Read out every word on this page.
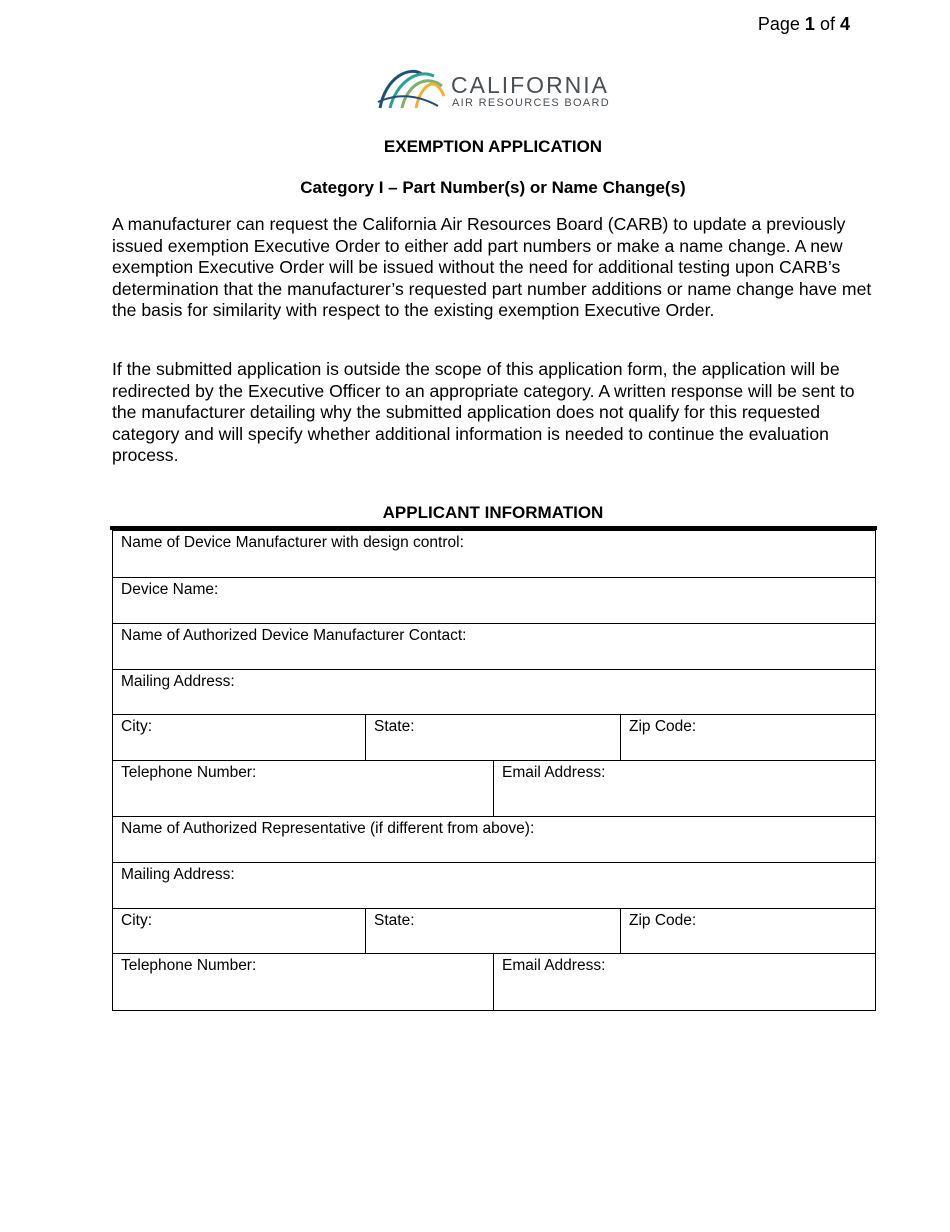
Page 1 of 4
CALIFORNIA
AIR RESOURCES BOARD
EXEMPTION APPLICATION
Category I – Part Number(s) or Name Change(s)

A manufacturer can request the California Air Resources Board (CARB) to update a previously issued exemption Executive Order to either add part numbers or make a name change. A new exemption Executive Order will be issued without the need for additional testing upon CARB’s determination that the manufacturer’s requested part number additions or name change have met the basis for similarity with respect to the existing exemption Executive Order.

If the submitted application is outside the scope of this application form, the application will be redirected by the Executive Officer to an appropriate category. A written response will be sent to the manufacturer detailing why the submitted application does not qualify for this requested category and will specify whether additional information is needed to continue the evaluation process.

APPLICANT INFORMATION
Name of Device Manufacturer with design control:			
Device Name:			
Name of Authorized Device Manufacturer Contact:			
Mailing Address:			
City:	State:		Zip Code:
Telephone Number:		Email Address:	
Name of Authorized Representative (if different from above):			
Mailing Address:			
City:	State:		Zip Code:
Telephone Number:		Email Address:	
